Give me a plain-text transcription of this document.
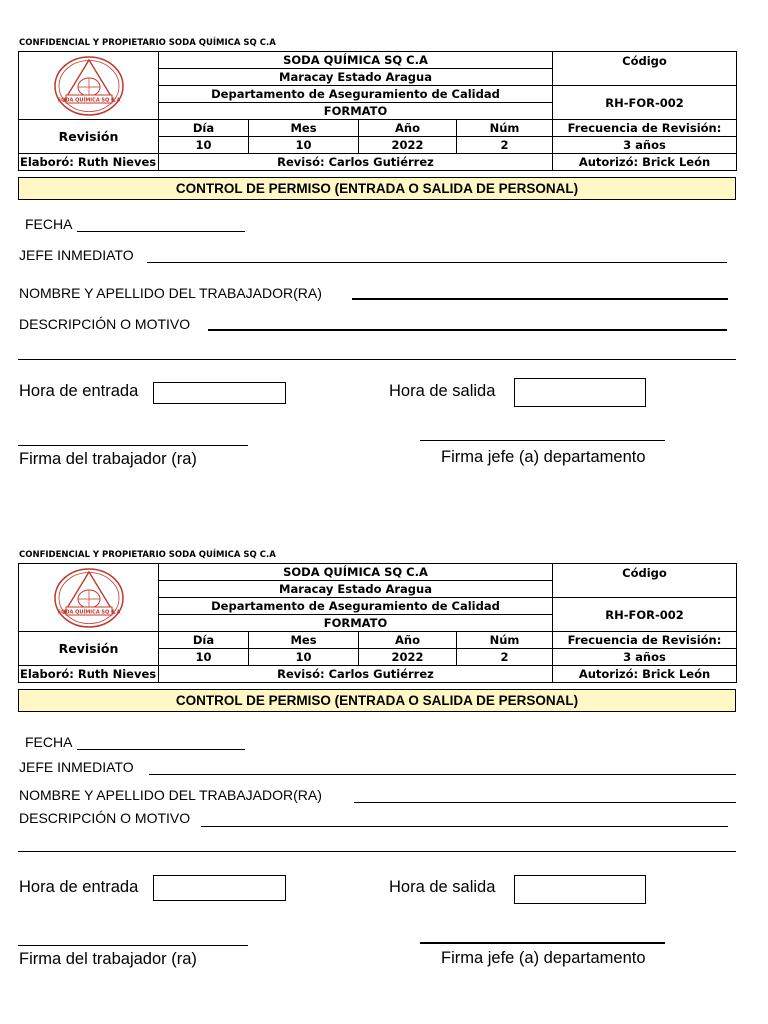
CONFIDENCIAL Y PROPIETARIO SODA QUÍMICA SQ C.A
SODA QUÍMICA SQ C.A	SODA QUÍMICA SQ C.A				Código
	Maracay Estado Aragua				
	Departamento de Aseguramiento de Calidad				RH-FOR-002
	FORMATO				
Revisión	Día	Mes	Año	Núm	Frecuencia de Revisión:
	10	10	2022	2	3 años
Elaboró: Ruth Nieves	Revisó: Carlos Gutiérrez				Autorizó: Brick León
CONTROL DE PERMISO (ENTRADA O SALIDA DE PERSONAL)
FECHA
JEFE INMEDIATO
NOMBRE Y APELLIDO DEL TRABAJADOR(RA)
DESCRIPCIÓN O MOTIVO
Hora de entrada	Hora de salida
Firma del trabajador (ra)	Firma jefe (a) departamento
CONFIDENCIAL Y PROPIETARIO SODA QUÍMICA SQ C.A
SODA QUÍMICA SQ C.A	SODA QUÍMICA SQ C.A				Código
	Maracay Estado Aragua				
	Departamento de Aseguramiento de Calidad				RH-FOR-002
	FORMATO				
Revisión	Día	Mes	Año	Núm	Frecuencia de Revisión:
	10	10	2022	2	3 años
Elaboró: Ruth Nieves	Revisó: Carlos Gutiérrez				Autorizó: Brick León
CONTROL DE PERMISO (ENTRADA O SALIDA DE PERSONAL)
FECHA
JEFE INMEDIATO
NOMBRE Y APELLIDO DEL TRABAJADOR(RA)
DESCRIPCIÓN O MOTIVO
Hora de entrada	Hora de salida
Firma del trabajador (ra)	Firma jefe (a) departamento
